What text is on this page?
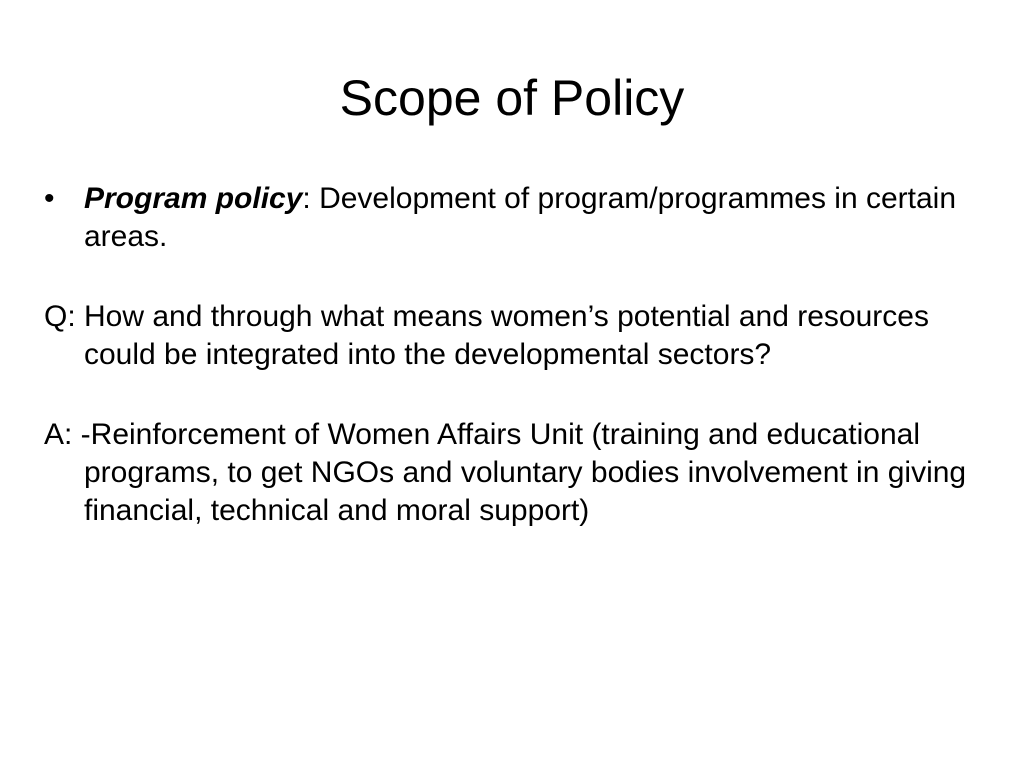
Scope of Policy
• Program policy: Development of program/programmes in certain areas.
Q: How and through what means women’s potential and resources could be integrated into the developmental sectors?
A: -Reinforcement of Women Affairs Unit (training and educational programs, to get NGOs and voluntary bodies involvement in giving financial, technical and moral support)
